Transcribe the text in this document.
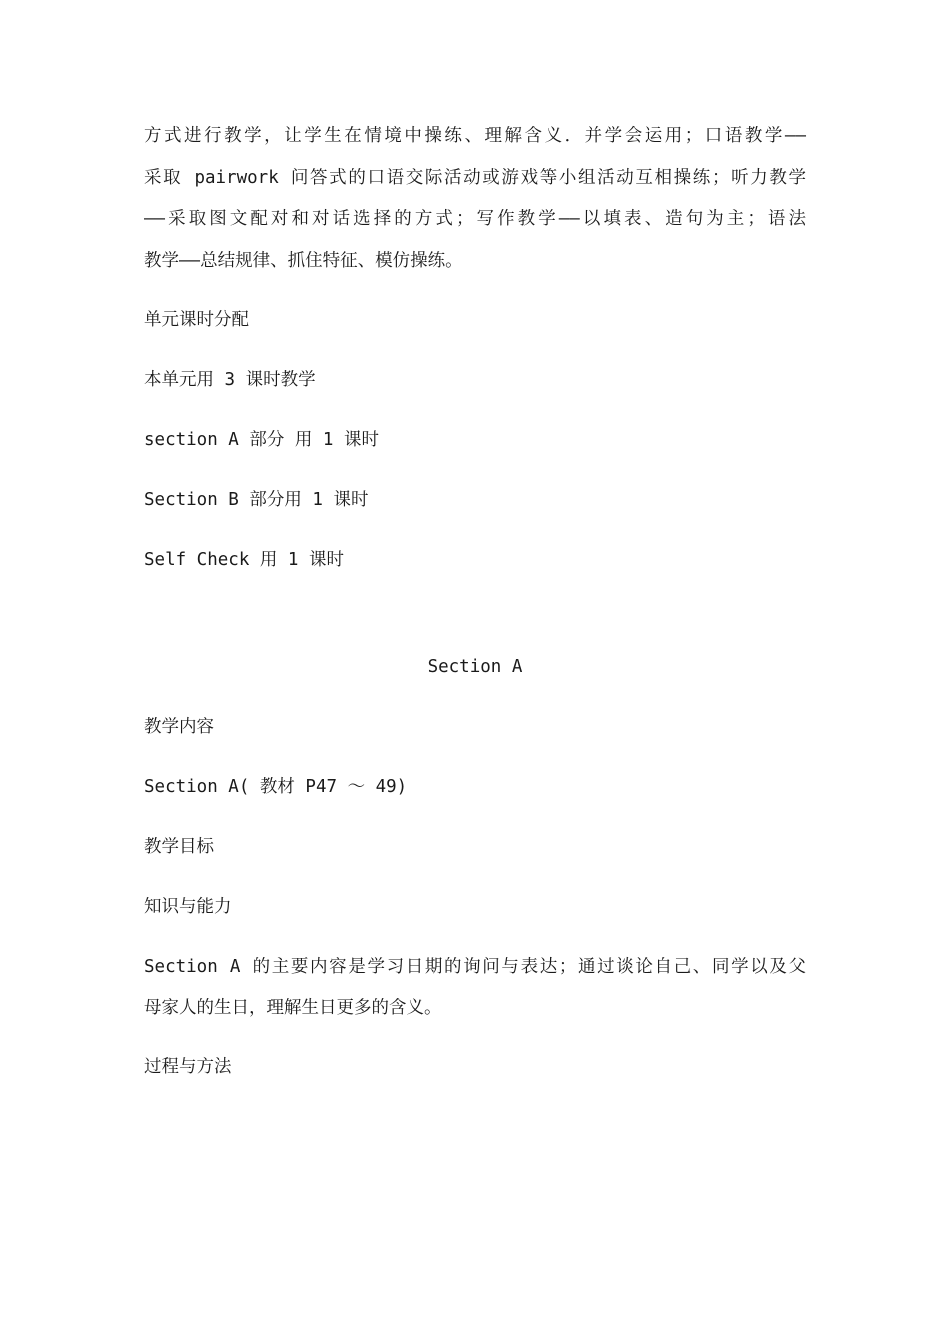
方式进行教学，让学生在情境中操练、理解含义．并学会运用；口语教学——
采取 pairwork 问答式的口语交际活动或游戏等小组活动互相操练；听力教学
——采取图文配对和对话选择的方式；写作教学——以填表、造句为主；语法
教学——总结规律、抓住特征、模仿操练。
单元课时分配
本单元用 3 课时教学
section A 部分 用 1 课时
Section B 部分用 1 课时
Self Check 用 1 课时
Section A
教学内容
Section A( 教材 P47 ～ 49)
教学目标
知识与能力
Section A 的主要内容是学习日期的询问与表达；通过谈论自己、同学以及父
母家人的生日，理解生日更多的含义。
过程与方法
